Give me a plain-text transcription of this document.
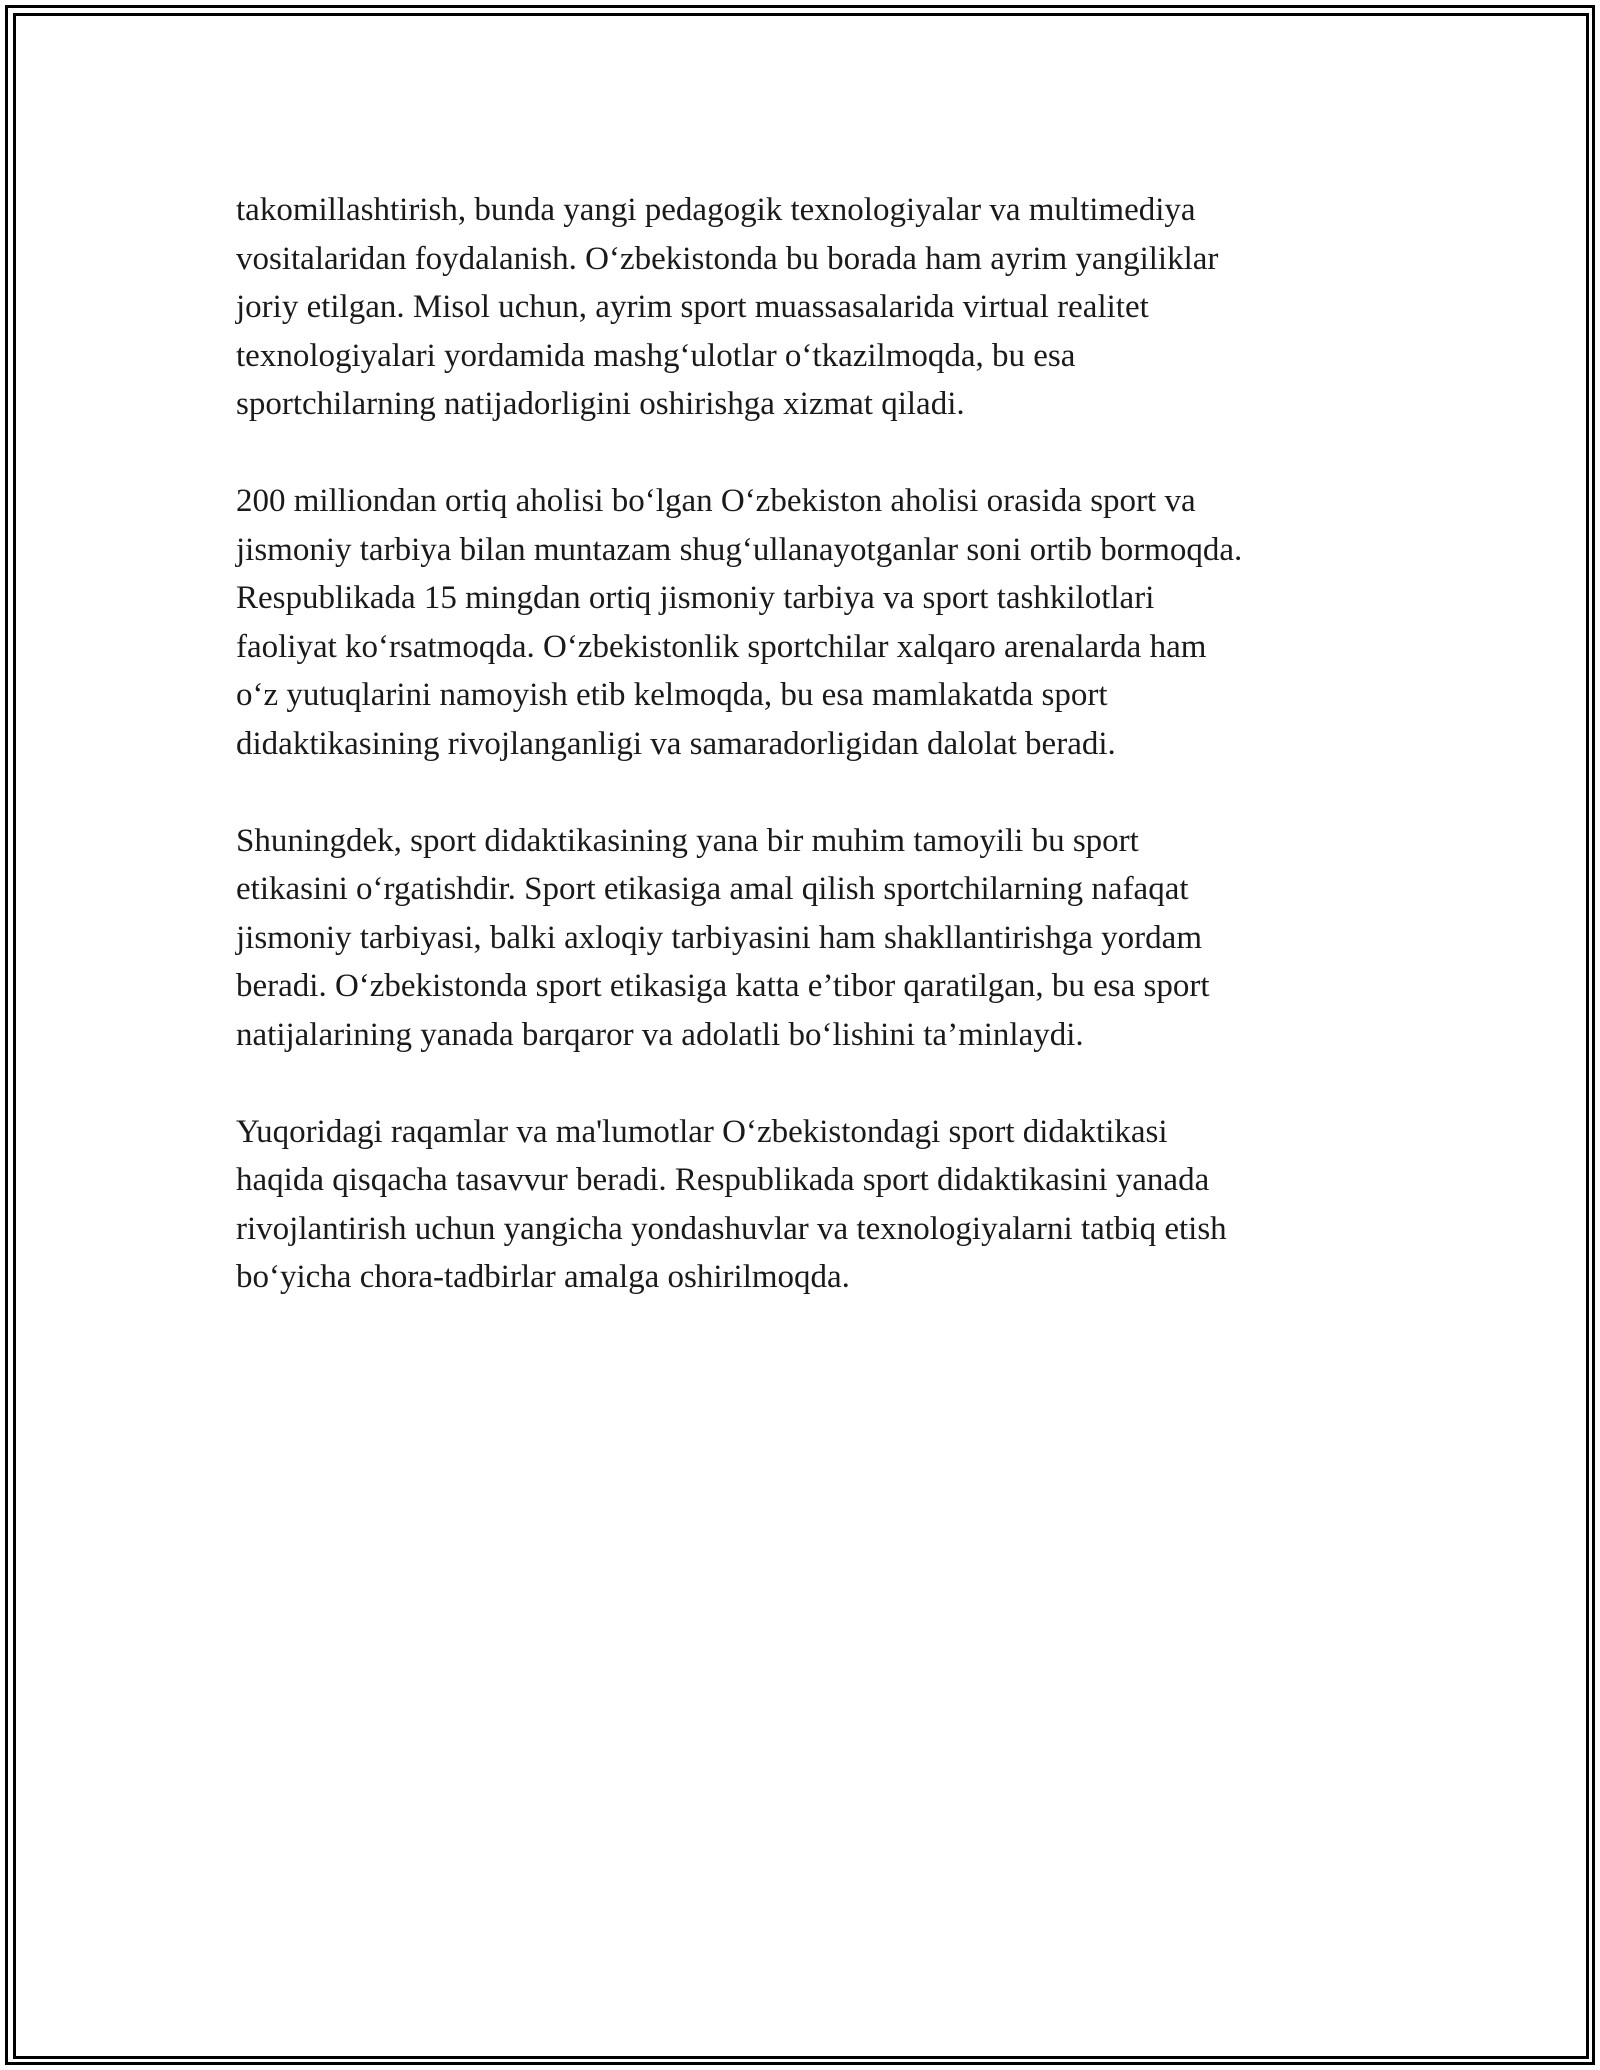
takomillashtirish, bunda yangi pedagogik texnologiyalar va multimediya
vositalaridan foydalanish. O‘zbekistonda bu borada ham ayrim yangiliklar
joriy etilgan. Misol uchun, ayrim sport muassasalarida virtual realitet
texnologiyalari yordamida mashg‘ulotlar o‘tkazilmoqda, bu esa
sportchilarning natijadorligini oshirishga xizmat qiladi.

200 milliondan ortiq aholisi bo‘lgan O‘zbekiston aholisi orasida sport va
jismoniy tarbiya bilan muntazam shug‘ullanayotganlar soni ortib bormoqda.
Respublikada 15 mingdan ortiq jismoniy tarbiya va sport tashkilotlari
faoliyat ko‘rsatmoqda. O‘zbekistonlik sportchilar xalqaro arenalarda ham
o‘z yutuqlarini namoyish etib kelmoqda, bu esa mamlakatda sport
didaktikasining rivojlanganligi va samaradorligidan dalolat beradi.

Shuningdek, sport didaktikasining yana bir muhim tamoyili bu sport
etikasini o‘rgatishdir. Sport etikasiga amal qilish sportchilarning nafaqat
jismoniy tarbiyasi, balki axloqiy tarbiyasini ham shakllantirishga yordam
beradi. O‘zbekistonda sport etikasiga katta e’tibor qaratilgan, bu esa sport
natijalarining yanada barqaror va adolatli bo‘lishini ta’minlaydi.

Yuqoridagi raqamlar va ma'lumotlar O‘zbekistondagi sport didaktikasi
haqida qisqacha tasavvur beradi. Respublikada sport didaktikasini yanada
rivojlantirish uchun yangicha yondashuvlar va texnologiyalarni tatbiq etish
bo‘yicha chora-tadbirlar amalga oshirilmoqda.
